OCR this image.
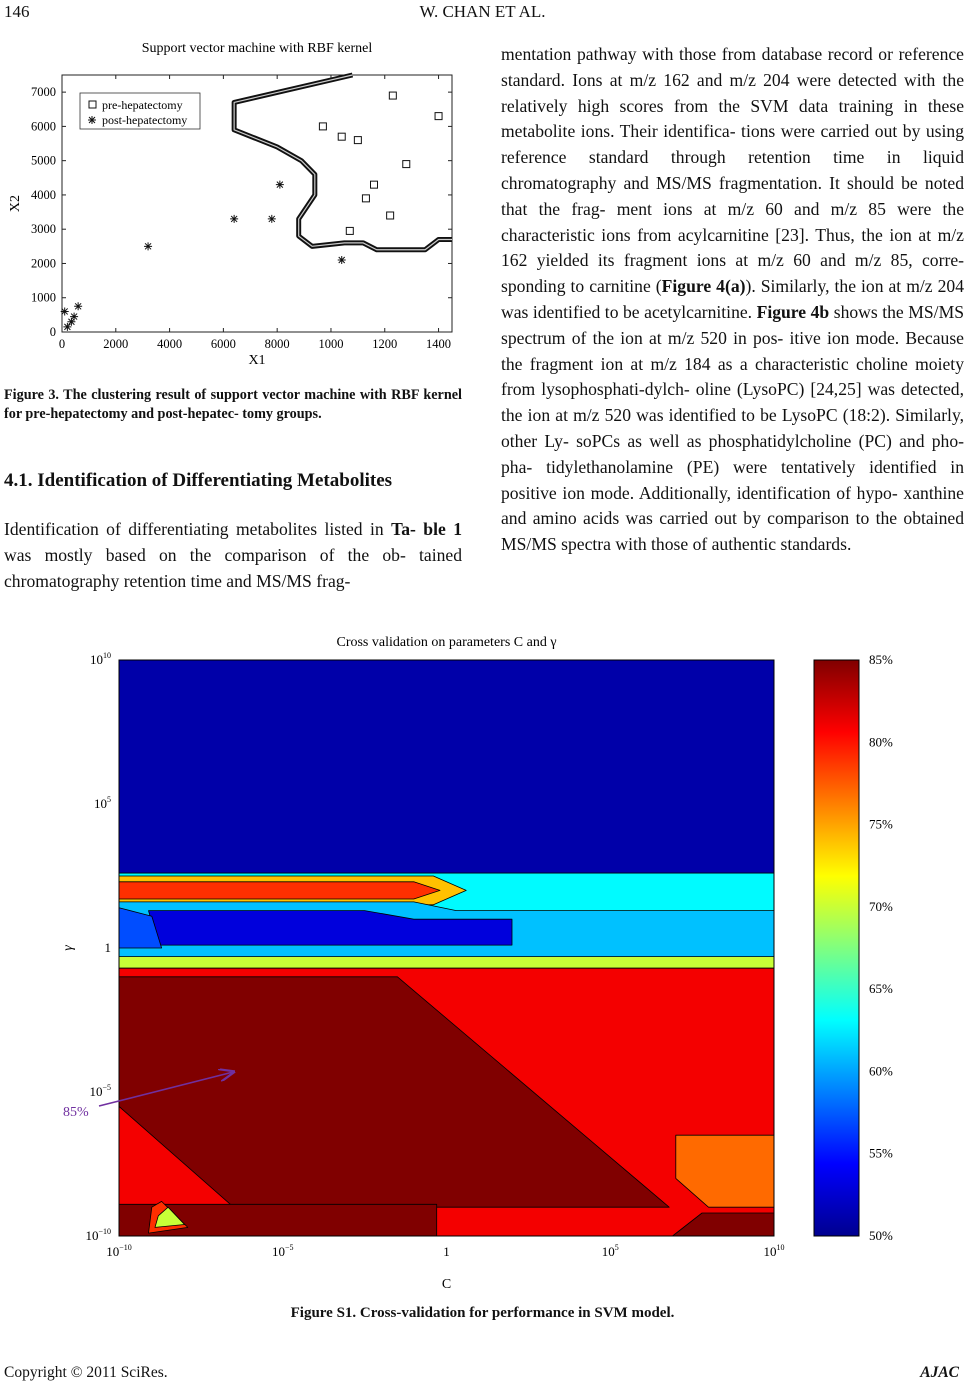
W. CHAN ET AL.
146
Support vector machine with RBF kernel
0	2000 4000 6000 8000 1000 1200 1400
0
1000
2000
3000
4000
5000
6000
7000
X1
X2
pre-hepatectomy
post-hepatectomy
Figure 3. The clustering result of support vector machine with RBF kernel for pre-hepatectomy and post-hepatec- tomy groups.
4.1. Identification of Differentiating Metabolites
Identification of differentiating metabolites listed in Ta- ble 1 was mostly based on the comparison of the ob- tained chromatography retention time and MS/MS frag-
mentation pathway with those from database record or reference standard. Ions at m/z 162 and m/z 204 were detected with the relatively high scores from the SVM data training in these metabolite ions. Their identifica- tions were carried out by using reference standard through retention time in liquid chromatography and MS/MS fragmentation. It should be noted that the frag- ment ions at m/z 60 and m/z 85 were the characteristic ions from acylcarnitine [23]. Thus, the ion at m/z 162 yielded its fragment ions at m/z 60 and m/z 85, corre- sponding to carnitine (Figure 4(a)). Similarly, the ion at m/z 204 was identified to be acetylcarnitine. Figure 4b shows the MS/MS spectrum of the ion at m/z 520 in pos- itive ion mode. Because the fragment ion at m/z 184 as a characteristic choline moiety from lysophosphati-dylch- oline (LysoPC) [24,25] was detected, the ion at m/z 520 was identified to be LysoPC (18:2). Similarly, other Ly- soPCs as well as phosphatidylcholine (PC) and pho- pha- tidylethanolamine (PE) were tentatively identified in positive ion mode. Additionally, identification of hypo- xanthine and amino acids was carried out by comparison to the obtained MS/MS spectra with those of authentic standards.
Cross validation on parameters C and γ
$10^{-10}$	$10^{-5}$	1	$10^5$	$10^{10}$
$10^{10}$
$10^5$
1
$10^{-5}$
$10^{-10}$
C
γ
85%
85%
80%
75%
70%
65%
60%
55%
50%
Figure S1. Cross-validation for performance in SVM model.
Copyright © 2011 SciRes.	AJAC
